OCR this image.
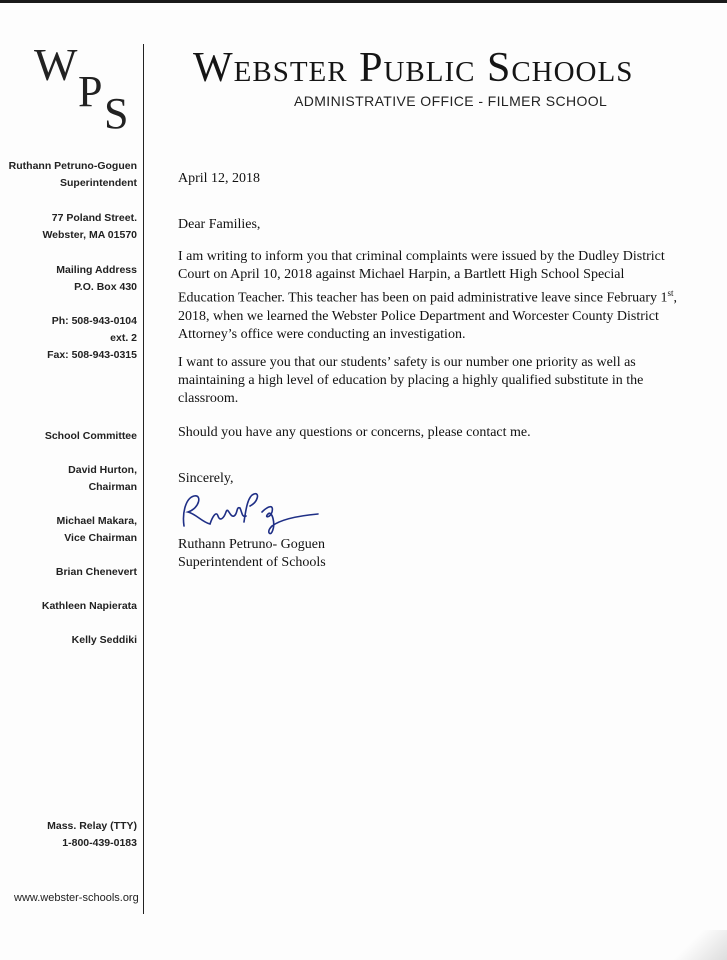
W
P S
Webster Public Schools
ADMINISTRATIVE OFFICE - FILMER SCHOOL
Ruthann Petruno-Goguen
Superintendent
77 Poland Street.
Webster, MA 01570
Mailing Address
P.O. Box 430
Ph: 508-943-0104
ext. 2
Fax: 508-943-0315
School Committee
David Hurton,
Chairman
Michael Makara,
Vice Chairman
Brian Chenevert
Kathleen Napierata
Kelly Seddiki
Mass. Relay (TTY)
1-800-439-0183
www.webster-schools.org
April 12, 2018
Dear Families,
I am writing to inform you that criminal complaints were issued by the Dudley District
Court on April 10, 2018 against Michael Harpin, a Bartlett High School Special
Education Teacher. This teacher has been on paid administrative leave since February 1st,
2018, when we learned the Webster Police Department and Worcester County District
Attorney’s office were conducting an investigation.
I want to assure you that our students’ safety is our number one priority as well as
maintaining a high level of education by placing a highly qualified substitute in the
classroom.
Should you have any questions or concerns, please contact me.
Sincerely,
Ruthann Petruno- Goguen
Superintendent of Schools
